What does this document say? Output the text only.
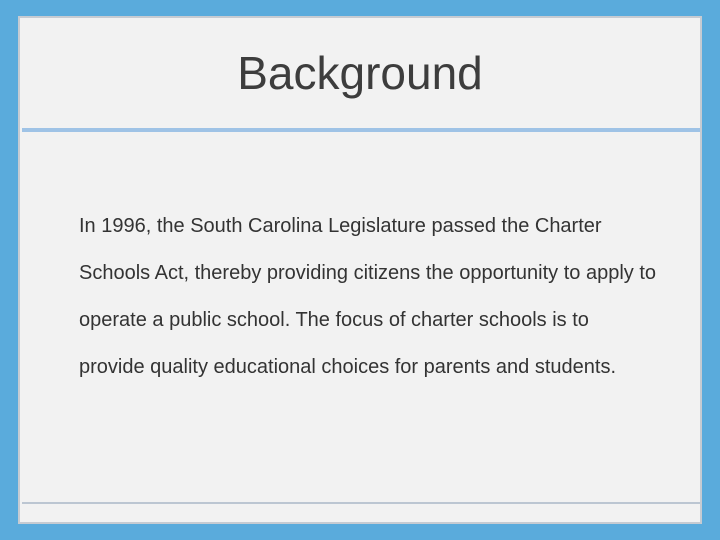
Background

In 1996, the South Carolina Legislature passed the Charter Schools Act, thereby providing citizens the opportunity to apply to operate a public school. The focus of charter schools is to provide quality educational choices for parents and students.
